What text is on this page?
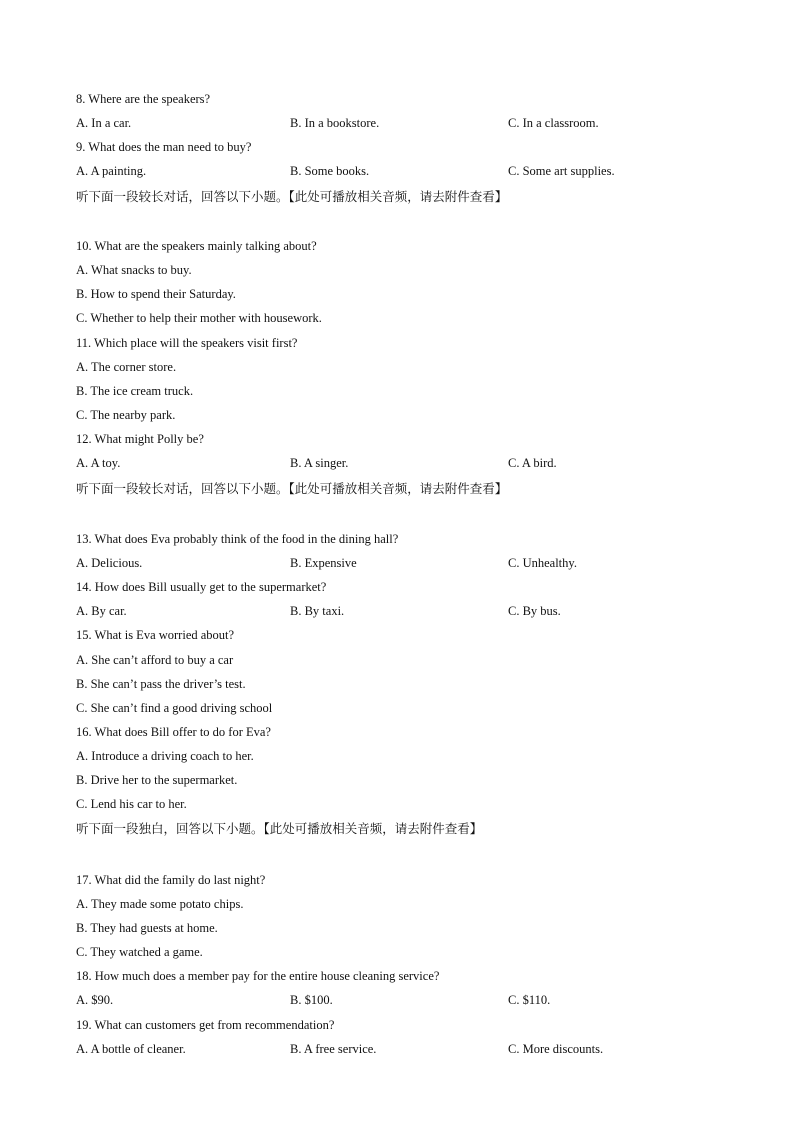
8. Where are the speakers?
A. In a car.	B. In a bookstore.	C. In a classroom.
9. What does the man need to buy?
A. A painting.	B. Some books.	C. Some art supplies.
听下面一段较长对话，回答以下小题。【此处可播放相关音频，请去附件查看】
10. What are the speakers mainly talking about?
A. What snacks to buy.
B. How to spend their Saturday.
C. Whether to help their mother with housework.
11. Which place will the speakers visit first?
A. The corner store.
B. The ice cream truck.
C. The nearby park.
12. What might Polly be?
A. A toy.	B. A singer.	C. A bird.
听下面一段较长对话，回答以下小题。【此处可播放相关音频，请去附件查看】
13. What does Eva probably think of the food in the dining hall?
A. Delicious.	B. Expensive	C. Unhealthy.
14. How does Bill usually get to the supermarket?
A. By car.	B. By taxi.	C. By bus.
15. What is Eva worried about?
A. She can’t afford to buy a car
B. She can’t pass the driver’s test.
C. She can’t find a good driving school
16. What does Bill offer to do for Eva?
A. Introduce a driving coach to her.
B. Drive her to the supermarket.
C. Lend his car to her.
听下面一段独白，回答以下小题。【此处可播放相关音频，请去附件查看】
17. What did the family do last night?
A. They made some potato chips.
B. They had guests at home.
C. They watched a game.
18. How much does a member pay for the entire house cleaning service?
A. $90.	B. $100.	C. $110.
19. What can customers get from recommendation?
A. A bottle of cleaner.	B. A free service.	C. More discounts.
